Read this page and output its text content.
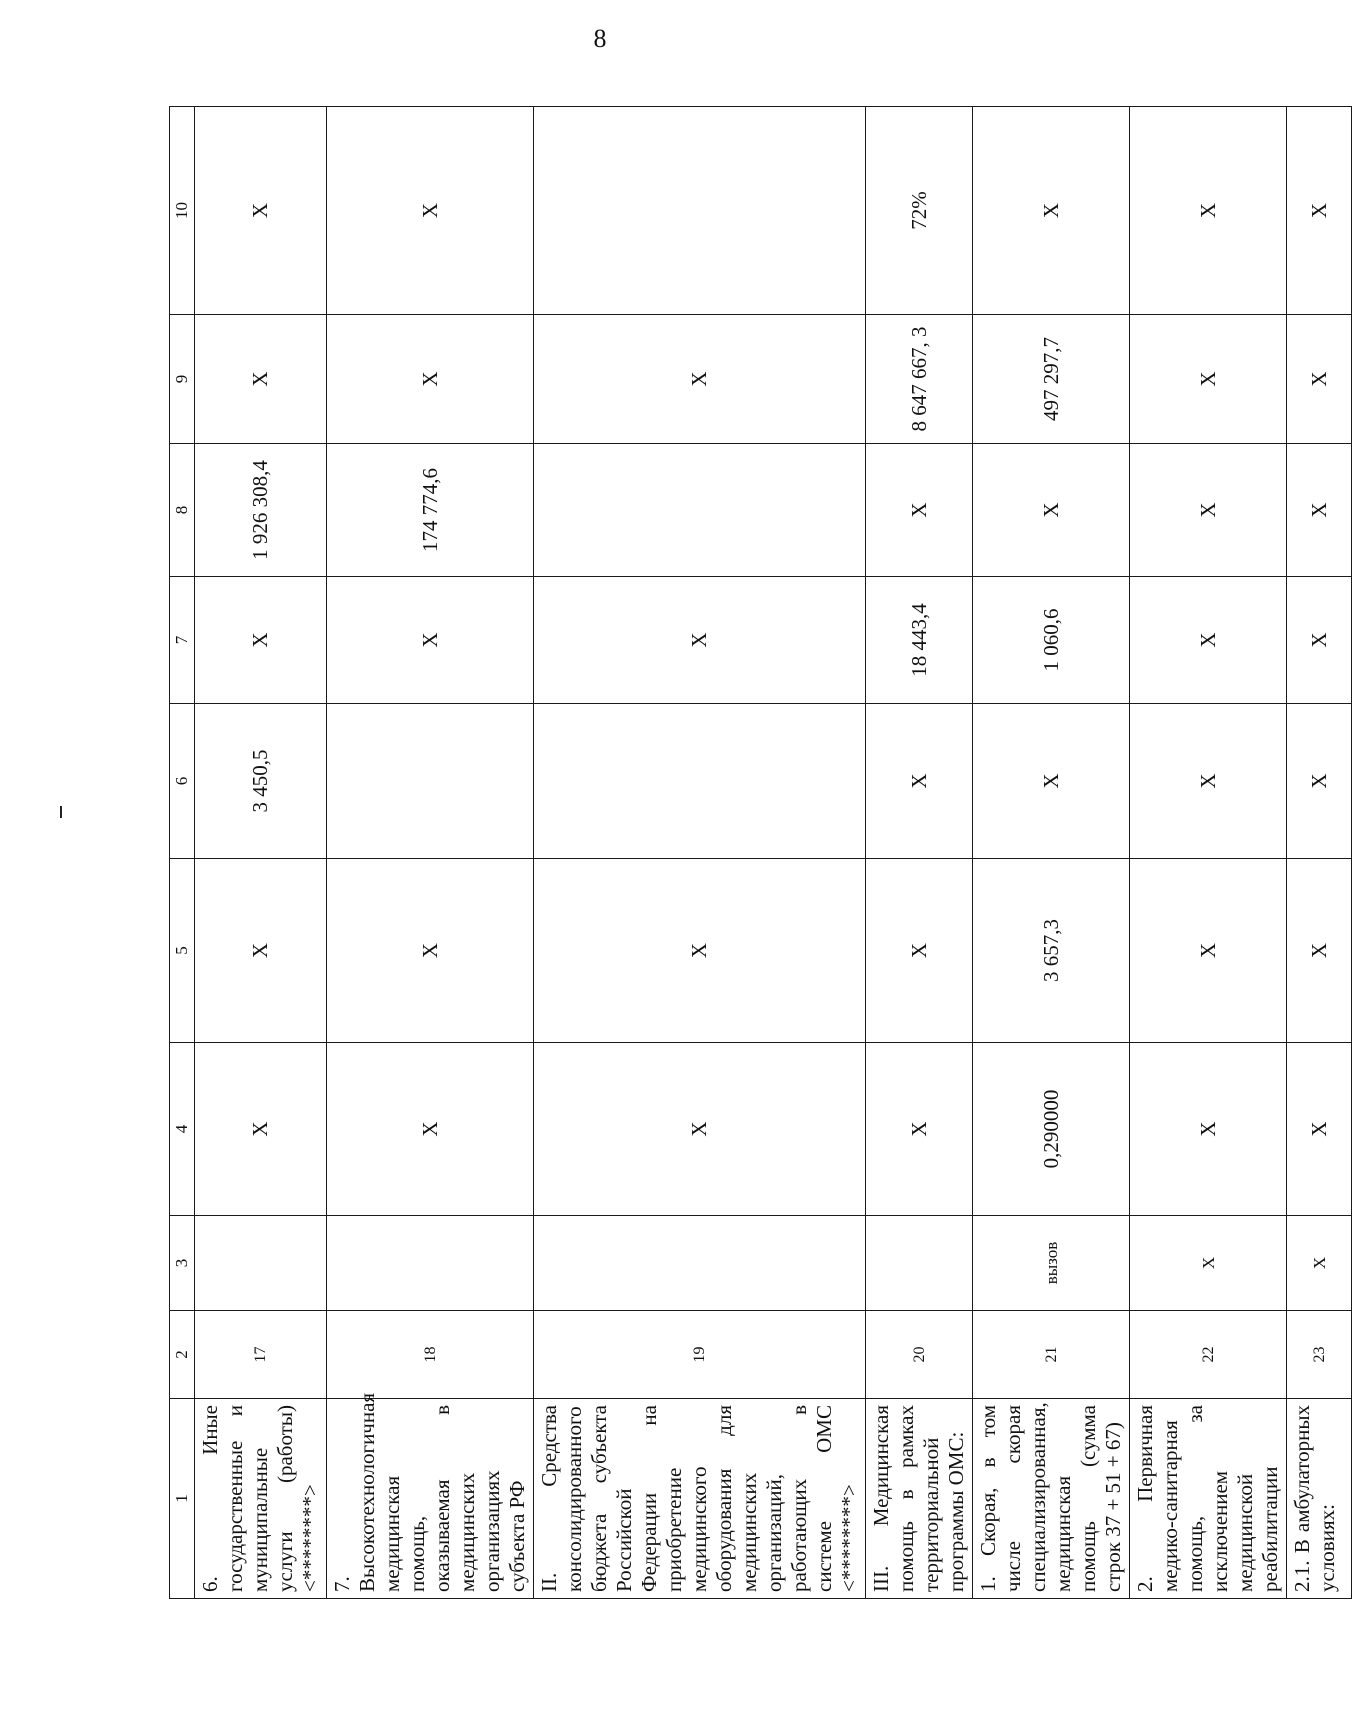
8
1	2	3	4	5	6	7	8	9	10
6. Иные государственные и муниципальные услуги (работы) <********>	17		X	X	3 450,5	X	1 926 308,4	X	X
7. Высокотехнологичная медицинская помощь, оказываемая в медицинских организациях субъекта РФ	18		X	X		X	174 774,6	X	X
II. Средства консолидированного бюджета субъекта Российской Федерации на приобретение медицинского оборудования для медицинских организаций, работающих в системе ОМС <********>	19		X	X		X		X	
III. Медицинская помощь в рамках территориальной программы ОМС:	20		X	X	X	18 443,4	X	8 647 667, 3	72%
1. Скорая, в том числе скорая специализированная, медицинская помощь (сумма строк 37 + 51 + 67)	21	вызов	0,290000	3 657,3	X	1 060,6	X	497 297,7	X
2. Первичная медико-санитарная помощь, за исключением медицинской реабилитации	22	X	X	X	X	X	X	X	X
2.1. В амбулаторных условиях:	23	X	X	X	X	X	X	X	X
